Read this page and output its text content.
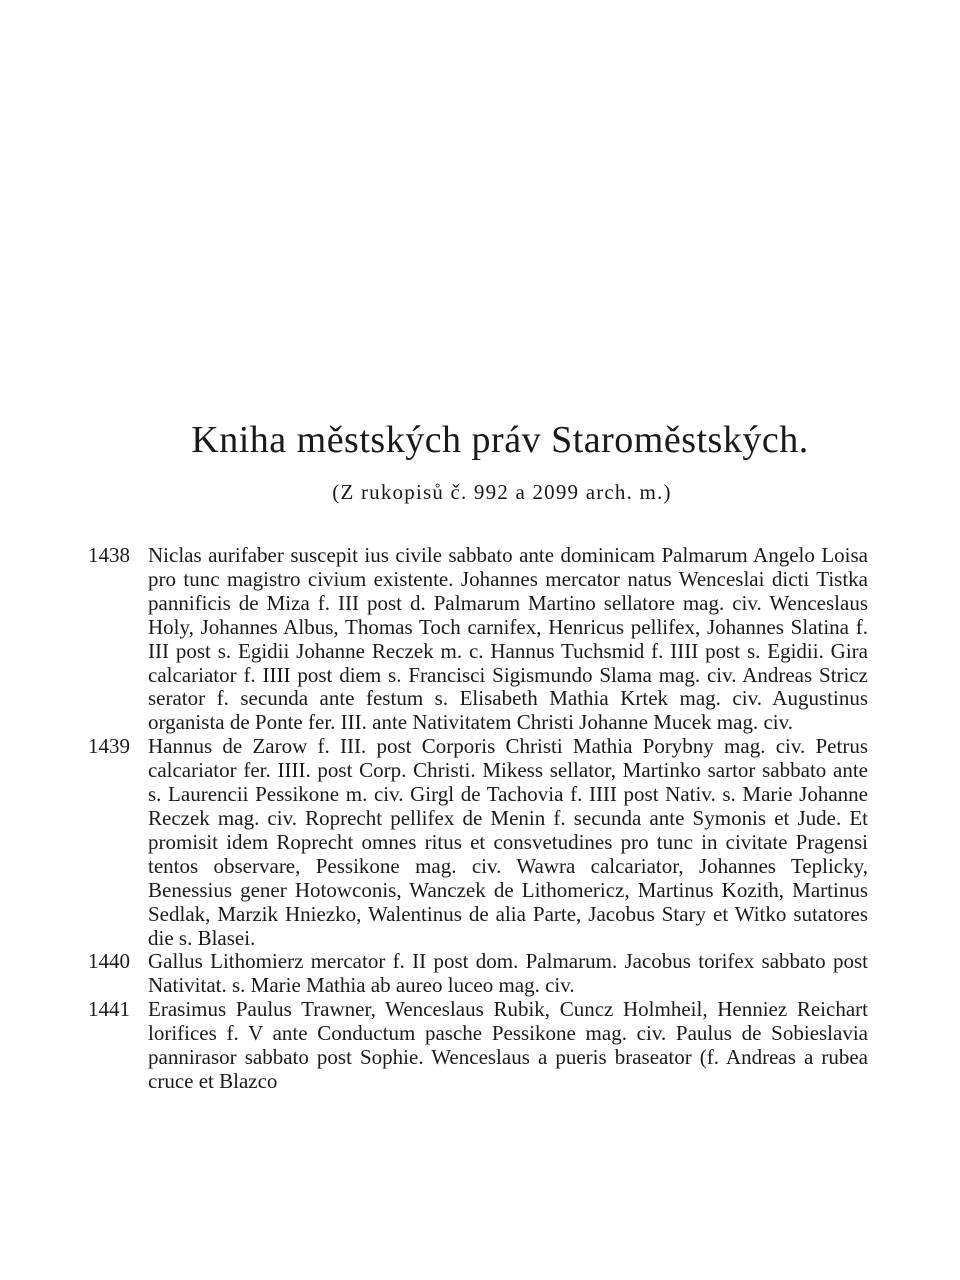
Kniha městských práv Staroměstských.
(Z rukopisů č. 992 a 2099 arch. m.)
1438 Niclas aurifaber suscepit ius civile sabbato ante dominicam Palmarum Angelo Loisa pro tunc magistro civium existente. Johannes mercator natus Wenceslai dicti Tistka pannificis de Miza f. III post d. Palmarum Martino sellatore mag. civ. Wenceslaus Holy, Johannes Albus, Thomas Toch carnifex, Henricus pellifex, Johannes Slatina f. III post s. Egidii Johanne Reczek m. c. Hannus Tuchsmid f. IIII post s. Egidii. Gira calcariator f. IIII post diem s. Francisci Sigismundo Slama mag. civ. Andreas Stricz serator f. secunda ante festum s. Elisabeth Mathia Krtek mag. civ. Augustinus organista de Ponte fer. III. ante Nativitatem Christi Johanne Mucek mag. civ.
1439 Hannus de Zarow f. III. post Corporis Christi Mathia Porybny mag. civ. Petrus calcariator fer. IIII. post Corp. Christi. Mikess sellator, Martinko sartor sabbato ante s. Laurencii Pessikone m. civ. Girgl de Tachovia f. IIII post Nativ. s. Marie Johanne Reczek mag. civ. Roprecht pellifex de Menin f. secunda ante Symonis et Jude. Et promisit idem Roprecht omnes ritus et consvetudines pro tunc in civitate Pragensi tentos observare, Pessikone mag. civ. Wawra calcariator, Johannes Teplicky, Benessius gener Hotowconis, Wanczek de Lithomericz, Martinus Kozith, Martinus Sedlak, Marzik Hniezko, Walentinus de alia Parte, Jacobus Stary et Witko sutatores die s. Blasei.
1440 Gallus Lithomierz mercator f. II post dom. Palmarum. Jacobus torifex sabbato post Nativitat. s. Marie Mathia ab aureo luceo mag. civ.
1441 Erasimus Paulus Trawner, Wenceslaus Rubik, Cuncz Holmheil, Henniez Reichart lorifices f. V ante Conductum pasche Pessikone mag. civ. Paulus de Sobieslavia pannirasor sabbato post Sophie. Wenceslaus a pueris braseator (f. Andreas a rubea cruce et Blazco
